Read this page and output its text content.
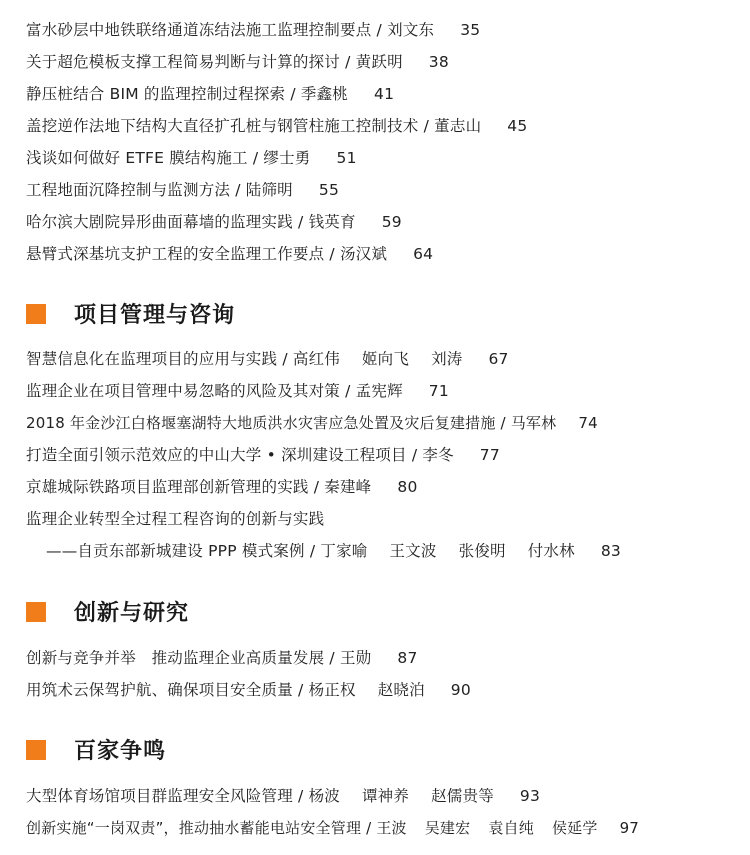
富水砂层中地铁联络通道冻结法施工监理控制要点 / 刘文东 35
关于超危模板支撑工程简易判断与计算的探讨 / 黄跃明 38
静压桩结合 BIM 的监理控制过程探索 / 季鑫桃 41
盖挖逆作法地下结构大直径扩孔桩与钢管柱施工控制技术 / 董志山 45
浅谈如何做好 ETFE 膜结构施工 / 缪士勇 51
工程地面沉降控制与监测方法 / 陆筛明 55
哈尔滨大剧院异形曲面幕墙的监理实践 / 钱英育 59
悬臂式深基坑支护工程的安全监理工作要点 / 汤汉斌 64
项目管理与咨询
智慧信息化在监理项目的应用与实践 / 高红伟 姬向飞 刘涛 67
监理企业在项目管理中易忽略的风险及其对策 / 孟宪辉 71
2018 年金沙江白格堰塞湖特大地质洪水灾害应急处置及灾后复建措施 / 马军林 74
打造全面引领示范效应的中山大学 • 深圳建设工程项目 / 李冬 77
京雄城际铁路项目监理部创新管理的实践 / 秦建峰 80
监理企业转型全过程工程咨询的创新与实践
——自贡东部新城建设 PPP 模式案例 / 丁家喻 王文波 张俊明 付水林 83
创新与研究
创新与竞争并举　推动监理企业高质量发展 / 王勋 87
用筑术云保驾护航、确保项目安全质量 / 杨正权 赵晓泊 90
百家争鸣
大型体育场馆项目群监理安全风险管理 / 杨波 谭神养 赵儒贵等 93
创新实施“一岗双责”，推动抽水蓄能电站安全管理 / 王波 吴建宏 袁自纯 侯延学 97
